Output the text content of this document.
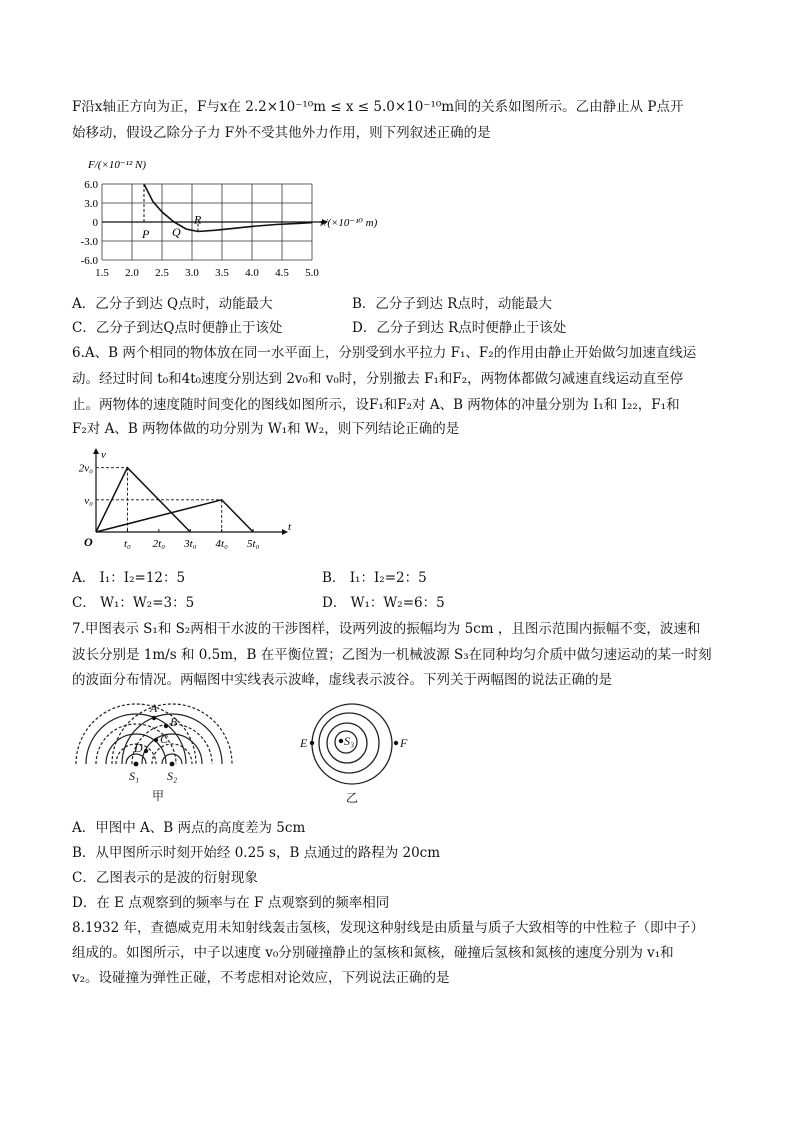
F沿x轴正方向为正，F与x在 2.2×10⁻¹⁰m ≤ x ≤ 5.0×10⁻¹⁰m间的关系如图所示。乙由静止从 P点开
始移动，假设乙除分子力 F外不受其他外力作用，则下列叙述正确的是
F/(×10⁻¹² N)
1.5 2.0 2.5 3.0 3.5 4.0 4.5 5.0
6.0
3.0
0
-3.0
-6.0
r/(×10⁻¹⁰ m)
P Q
R
A．乙分子到达 Q点时，动能最大	B．乙分子到达 R点时，动能最大
C．乙分子到达Q点时便静止于该处	D．乙分子到达 R点时便静止于该处
6.A、B 两个相同的物体放在同一水平面上，分别受到水平拉力 F₁、F₂的作用由静止开始做匀加速直线运
动。经过时间 t₀和4t₀速度分别达到 2v₀和 v₀时，分别撤去 F₁和F₂，两物体都做匀减速直线运动直至停
止。两物体的速度随时间变化的图线如图所示，设F₁和F₂对 A、B 两物体的冲量分别为 I₁和 I₂₂，F₁和
F₂对 A、B 两物体做的功分别为 W₁和 W₂，则下列结论正确的是
v
t
O
2v₀
v₀
t₀ 2t₀ 3t₀ 4t₀ 5t₀
A． I₁：I₂=12：5	B． I₁：I₂=2：5
C． W₁：W₂=3：5	D． W₁：W₂=6：5
7.甲图表示 S₁和 S₂两相干水波的干涉图样，设两列波的振幅均为 5cm ，且图示范围内振幅不变，波速和
波长分别是 1m/s 和 0.5m，B 在平衡位置；乙图为一机械波源 S₃在同种均匀介质中做匀速运动的某一时刻
的波面分布情况。两幅图中实线表示波峰，虚线表示波谷。下列关于两幅图的说法正确的是
A
B
C
D
S₁ S₂
甲
E	S₃	F
乙
A．甲图中 A、B 两点的高度差为 5cm
B．从甲图所示时刻开始经 0.25 s，B 点通过的路程为 20cm
C．乙图表示的是波的衍射现象
D．在 E 点观察到的频率与在 F 点观察到的频率相同
8.1932 年，查德威克用未知射线轰击氢核，发现这种射线是由质量与质子大致相等的中性粒子（即中子）
组成的。如图所示，中子以速度 v₀分别碰撞静止的氢核和氮核，碰撞后氢核和氮核的速度分别为 v₁和
v₂。设碰撞为弹性正碰，不考虑相对论效应，下列说法正确的是
